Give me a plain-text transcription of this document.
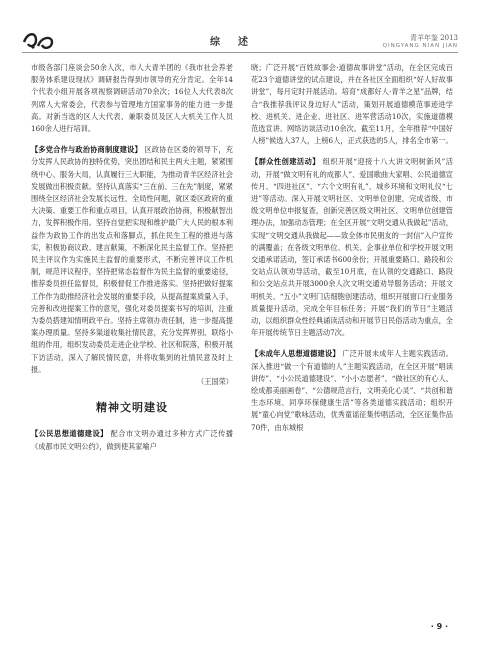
综　述	青羊年鉴 2013
QINGYANG NIAN JIAN

市级各部门座谈会50余人次，市人大青羊团的《我市社会养老服务体系建设现状》调研报告得到市领导的充分肯定。全年14个代表小组开展各项视察调研活动70余次；16位人大代表8次列席人大常委会，代表参与管理地方国家事务的能力进一步提高。对新当选的区人大代表、兼职委员及区人大机关工作人员160余人进行培训。

【多党合作与政治协商制度建设】 区政协在区委的领导下，充分发挥人民政协的独特优势，突出团结和民主两大主题，紧紧围绕中心、服务大局，认真履行三大职能，为推动青羊区经济社会发展做出积极贡献。坚持认真落实“三在前、三在先”制度，紧紧围绕全区经济社会发展长远性、全局性问题，就区委区政府的重大决策、重要工作和重点项目，认真开展政治协商，积极献智出力，发挥积极作用。坚持自觉把实现和维护最广大人民的根本利益作为政协工作的出发点和落脚点，抓住民生工程的推进与落实，积极协商议政、建言献策，不断深化民主监督工作。坚持把民主评议作为实施民主监督的重要形式，不断完善评议工作机制，规范评议程序，坚持把常态监督作为民主监督的重要途径，推荐委员担任监督员，积极督促工作推进落实。坚持把做好提案工作作为助推经济社会发展的重要手段，从提高提案质量入手，完善和改进提案工作的意见，强化对委员提案书写的培训，注重为委员搭建知情明政平台。坚持主席领办责任制，进一步提高提案办理质量。坚持多渠道收集社情民意，充分发挥界别、联络小组的作用，组织发动委员走进企业学校、社区和院落，积极开展下访活动，深入了解民情民意，并将收集到的社情民意及时上报。

（王国荣）

精神文明建设

【公民思想道德建设】 配合市文明办通过多种方式广泛传播《成都市民文明公约》，做到使其家喻户

晓；广泛开展“百姓故事会·道德故事讲堂”活动，在全区完成百花23个道德讲堂的试点建设，并在各社区全面组织“好人好故事讲堂”，每月定时开展活动。培育“成都好人·青羊之星”品牌，结合“我推荐我评议身边好人”活动，策划开展道德模范事迹进学校、进机关、进企业、进社区、进军营活动10次，实施道德模范选宣讲、网络访谈活动10余次。截至11月，全年推荐“中国好人榜”候选人37人，上榜6人，正式获选的5人，排名全市第一。

【群众性创建活动】 组织开展“迎接十八大讲文明树新风”活动，开展“做文明有礼的成都人”、爱国歌曲大家唱、公民道德宣传月、“四进社区”、“六个文明有礼”、城乡环境和文明礼仪“七进”等活动。深入开展文明社区、文明单位创建，完成省级、市级文明单位申报复查，创新完善区级文明社区、文明单位创建管理办法，加强动态管理；在全区开展“文明交通从我做起”活动，实现“文明交通从我做起——致全体市民朋友的一封信”入户宣传的满覆盖；在各级文明单位、机关、企事业单位和学校开展文明交通承诺活动，签订承诺书600余份；开展重要路口、路段和公交站点认领劝导活动，截至10月底，在认领的交通路口、路段和公交站点共开展3000余人次文明交通劝导服务活动；开展文明机关、“五小”文明门店细胞创建活动，组织开展窗口行业服务质量提升活动，完成全年目标任务；开展“我们的节日”主题活动，以组织群众性经典诵读活动和开展节日民俗活动为重点，全年开展传统节日主题活动7次。

【未成年人思想道德建设】 广泛开展未成年人主题实践活动。深入推进“做一个有道德的人”主题实践活动，在全区开展“唱读讲传”、“小公民道德建设”、“小小志愿者”、“做社区的有心人、绘成都美丽画卷”、“公德规范言行，文明美化心灵”、“共创和谐生态环境、同享环保健康生活”等各类道德实践活动；组织开展“童心向党”歌咏活动，优秀童谣征集传唱活动，全区征集作品70件，由东城根

· 9 ·
